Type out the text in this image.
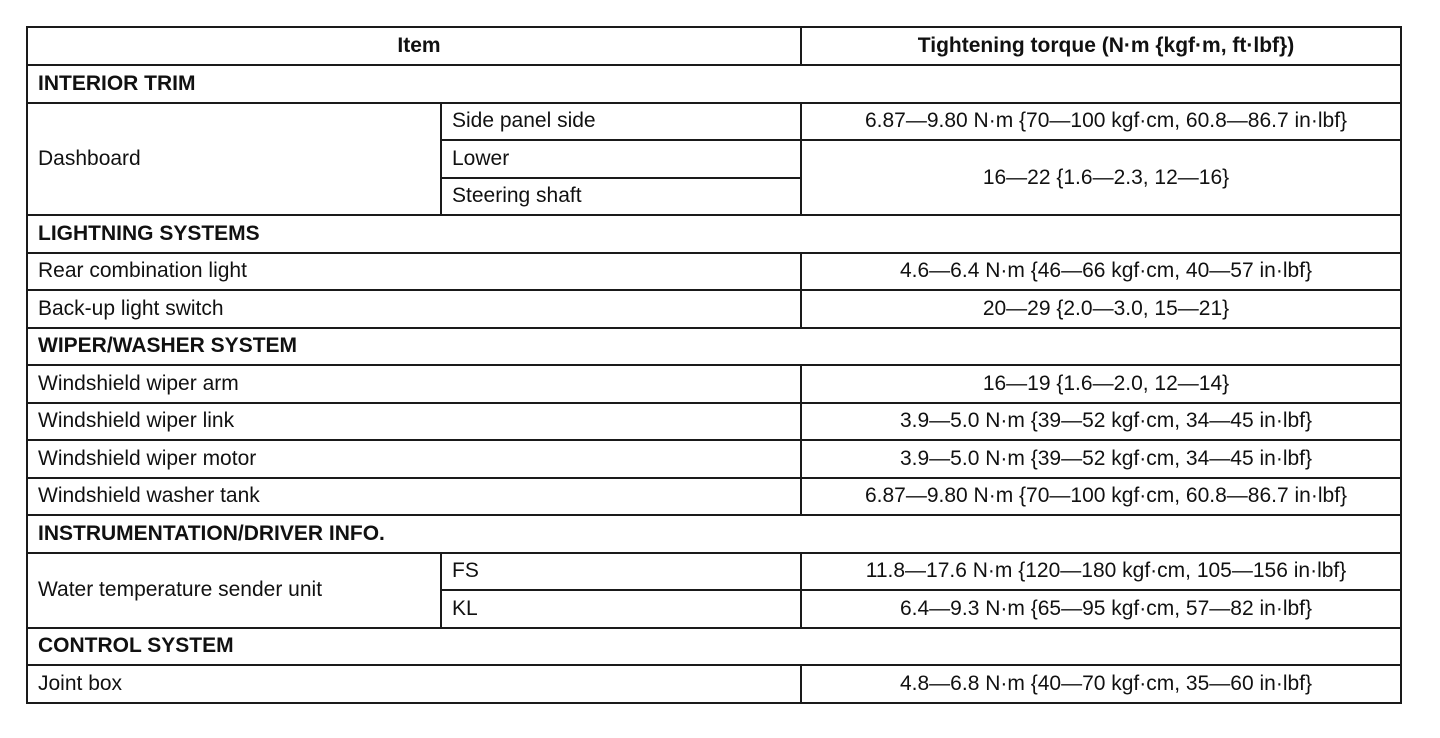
Item		Tightening torque (N·m {kgf·m, ft·lbf})
INTERIOR TRIM		
Dashboard	Side panel side	6.87—9.80 N·m {70—100 kgf·cm, 60.8—86.7 in·lbf}
	Lower	16—22 {1.6—2.3, 12—16}
	Steering shaft	
LIGHTNING SYSTEMS		
Rear combination light		4.6—6.4 N·m {46—66 kgf·cm, 40—57 in·lbf}
Back-up light switch		20—29 {2.0—3.0, 15—21}
WIPER/WASHER SYSTEM		
Windshield wiper arm		16—19 {1.6—2.0, 12—14}
Windshield wiper link		3.9—5.0 N·m {39—52 kgf·cm, 34—45 in·lbf}
Windshield wiper motor		3.9—5.0 N·m {39—52 kgf·cm, 34—45 in·lbf}
Windshield washer tank		6.87—9.80 N·m {70—100 kgf·cm, 60.8—86.7 in·lbf}
INSTRUMENTATION/DRIVER INFO.		
Water temperature sender unit	FS	11.8—17.6 N·m {120—180 kgf·cm, 105—156 in·lbf}
	KL	6.4—9.3 N·m {65—95 kgf·cm, 57—82 in·lbf}
CONTROL SYSTEM		
Joint box		4.8—6.8 N·m {40—70 kgf·cm, 35—60 in·lbf}
